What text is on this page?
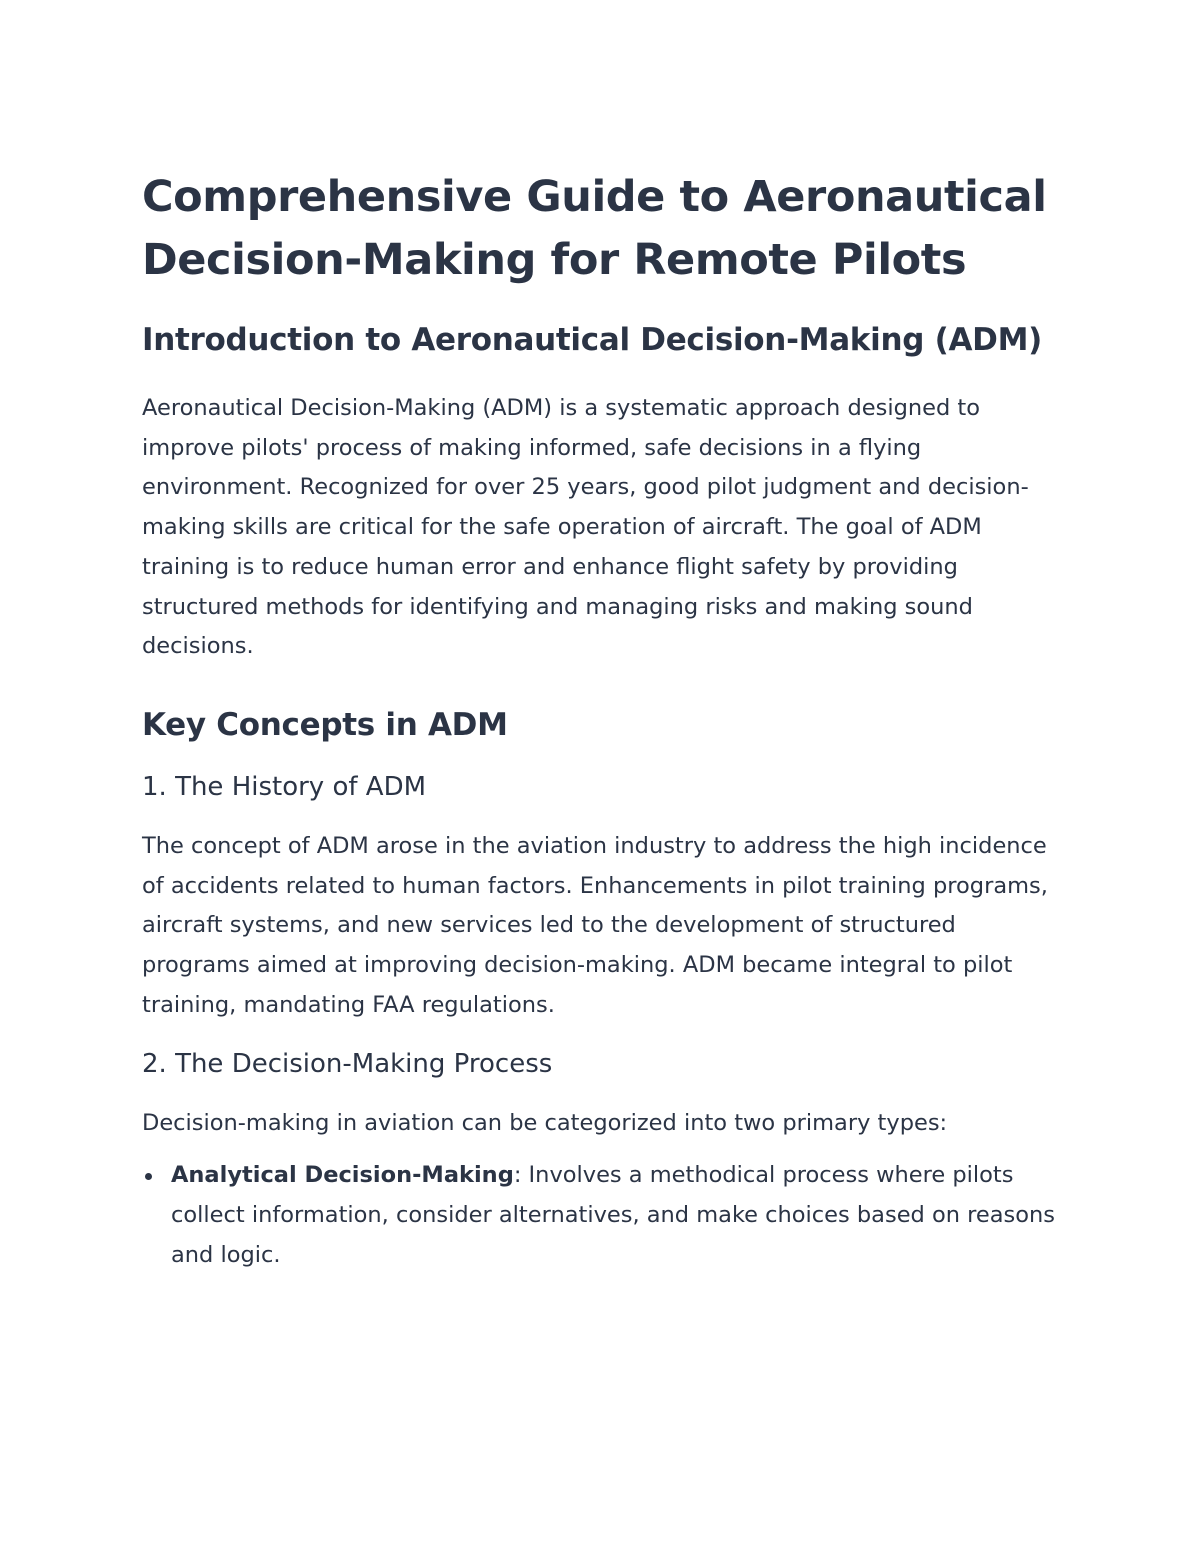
Comprehensive Guide to Aeronautical Decision-Making for Remote Pilots
Introduction to Aeronautical Decision-Making (ADM)

Aeronautical Decision-Making (ADM) is a systematic approach designed to improve pilots' process of making informed, safe decisions in a flying environment. Recognized for over 25 years, good pilot judgment and decision-making skills are critical for the safe operation of aircraft. The goal of ADM training is to reduce human error and enhance flight safety by providing structured methods for identifying and managing risks and making sound decisions.

Key Concepts in ADM
1. The History of ADM

The concept of ADM arose in the aviation industry to address the high incidence of accidents related to human factors. Enhancements in pilot training programs, aircraft systems, and new services led to the development of structured programs aimed at improving decision-making. ADM became integral to pilot training, mandating FAA regulations.

2. The Decision-Making Process

Decision-making in aviation can be categorized into two primary types:

Analytical Decision-Making: Involves a methodical process where pilots collect information, consider alternatives, and make choices based on reasons and logic.
